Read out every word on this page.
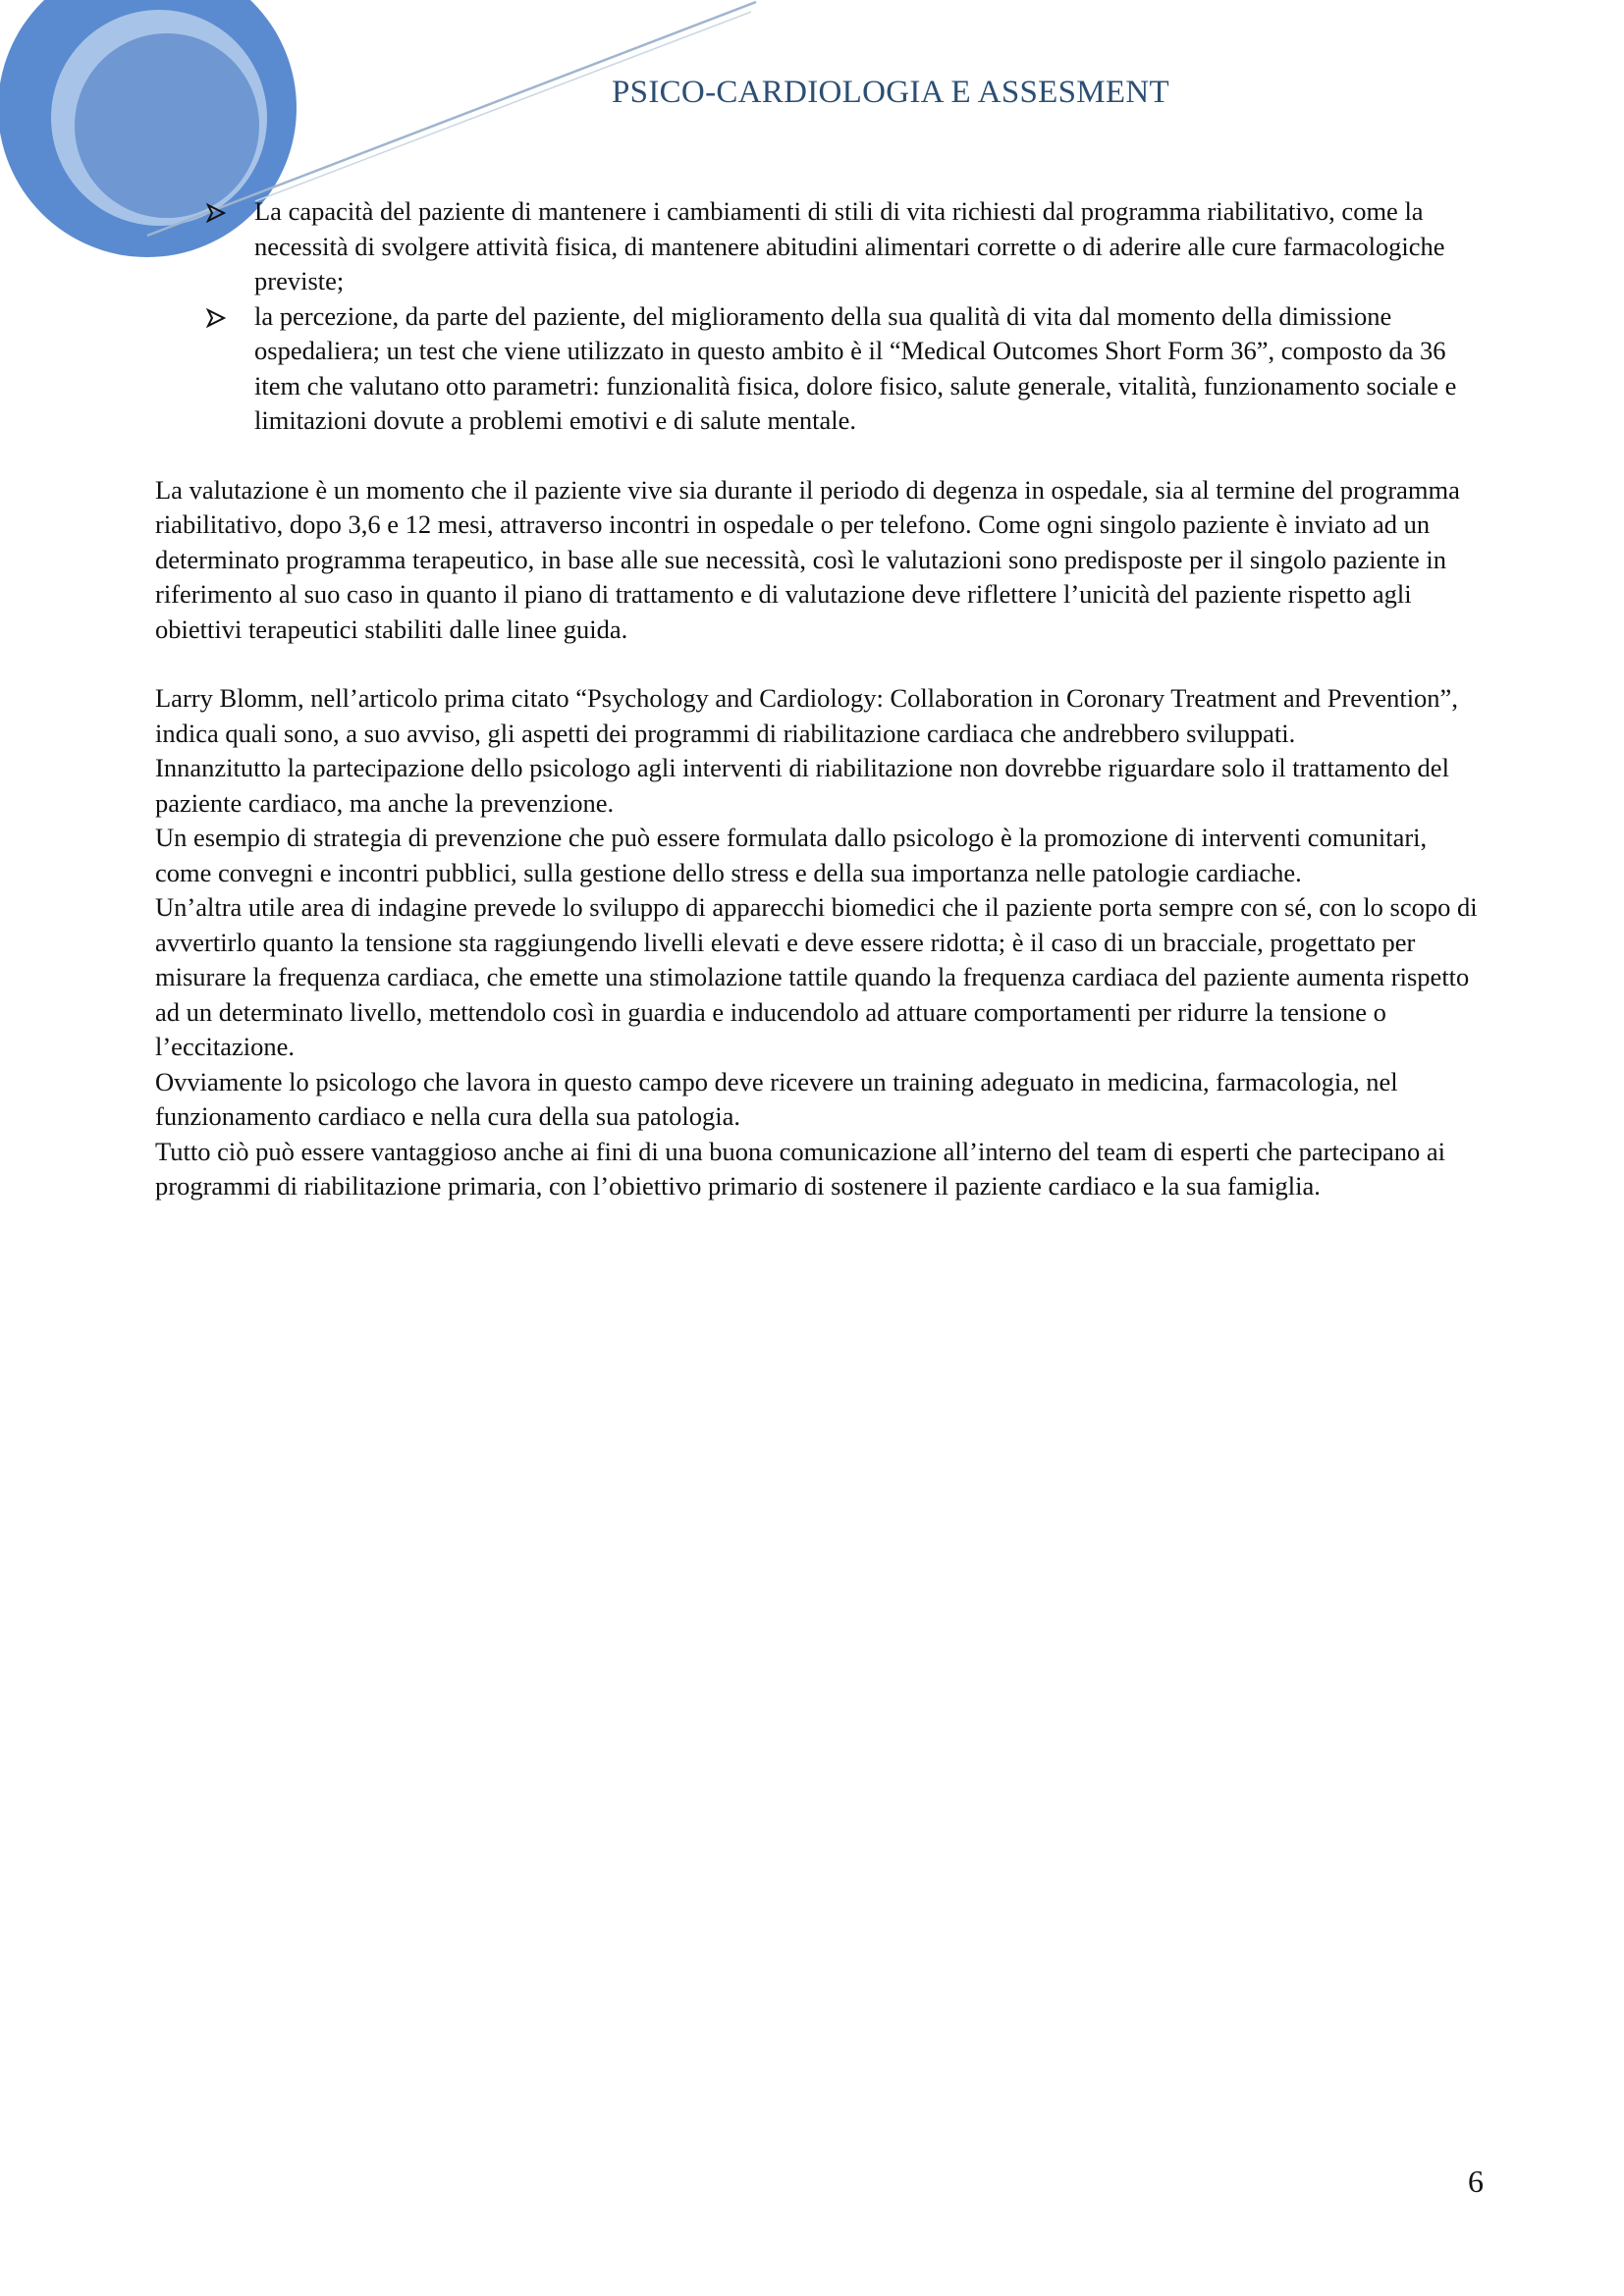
PSICO-CARDIOLOGIA E ASSESMENT
La capacità del paziente di mantenere i cambiamenti di stili di vita richiesti dal programma riabilitativo, come la necessità di svolgere attività fisica, di mantenere abitudini alimentari corrette o di aderire alle cure farmacologiche previste;
la percezione, da parte del paziente, del miglioramento della sua qualità di vita dal momento della dimissione ospedaliera; un test che viene utilizzato in questo ambito è il “Medical Outcomes Short Form 36”, composto da 36 item che valutano otto parametri: funzionalità fisica, dolore fisico, salute generale, vitalità, funzionamento sociale e limitazioni dovute a problemi emotivi e di salute mentale.

La valutazione è un momento che il paziente vive sia durante il periodo di degenza in ospedale, sia al termine del programma riabilitativo, dopo 3,6 e 12 mesi, attraverso incontri in ospedale o per telefono. Come ogni singolo paziente è inviato ad un determinato programma terapeutico, in base alle sue necessità, così le valutazioni sono predisposte per il singolo paziente in riferimento al suo caso in quanto il piano di trattamento e di valutazione deve riflettere l’unicità del paziente rispetto agli obiettivi terapeutici stabiliti dalle linee guida.

Larry Blomm, nell’articolo prima citato “Psychology and Cardiology: Collaboration in Coronary Treatment and Prevention”, indica quali sono, a suo avviso, gli aspetti dei programmi di riabilitazione cardiaca che andrebbero sviluppati.

Innanzitutto la partecipazione dello psicologo agli interventi di riabilitazione non dovrebbe riguardare solo il trattamento del paziente cardiaco, ma anche la prevenzione.

Un esempio di strategia di prevenzione che può essere formulata dallo psicologo è la promozione di interventi comunitari, come convegni e incontri pubblici, sulla gestione dello stress e della sua importanza nelle patologie cardiache.

Un’altra utile area di indagine prevede lo sviluppo di apparecchi biomedici che il paziente porta sempre con sé, con lo scopo di avvertirlo quanto la tensione sta raggiungendo livelli elevati e deve essere ridotta; è il caso di un bracciale, progettato per misurare la frequenza cardiaca, che emette una stimolazione tattile quando la frequenza cardiaca del paziente aumenta rispetto ad un determinato livello, mettendolo così in guardia e inducendolo ad attuare comportamenti per ridurre la tensione o l’eccitazione.

Ovviamente lo psicologo che lavora in questo campo deve ricevere un training adeguato in medicina, farmacologia, nel funzionamento cardiaco e nella cura della sua patologia.

Tutto ciò può essere vantaggioso anche ai fini di una buona comunicazione all’interno del team di esperti che partecipano ai programmi di riabilitazione primaria, con l’obiettivo primario di sostenere il paziente cardiaco e la sua famiglia.

6
